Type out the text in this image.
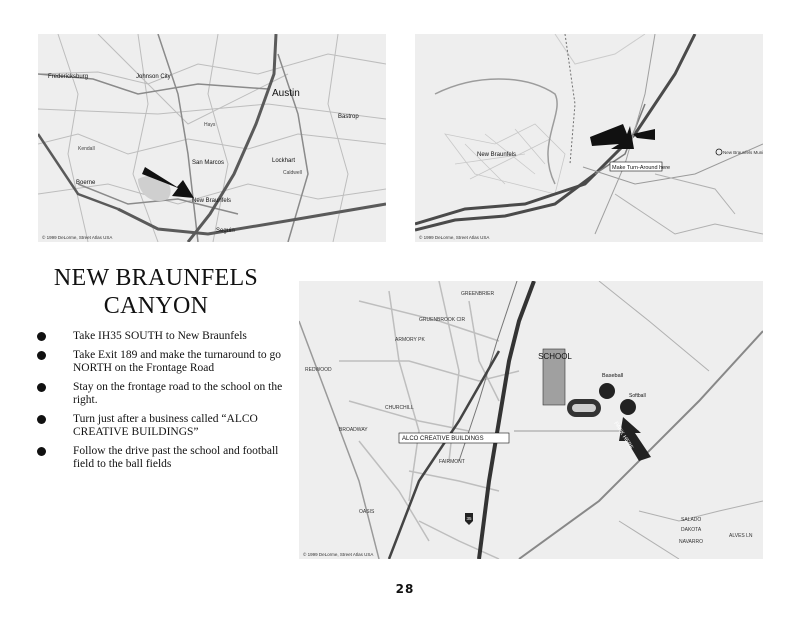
Austin
Fredericksburg	Johnson City
Bastrop
San Marcos	Lockhart
Boerne
New Braunfels
Seguin
Kendall
Hays
Caldwell
© 1999 DeLorme, Street Atlas USA
Make Turn-Around here
New Braunfels	New Braunfels Muni
© 1999 DeLorme, Street Atlas USA
SCHOOL
Baseball
Softball
ALCO CREATIVE BUILDINGS	PARK HERE
GREENBRIER
GRUENBROOK CIR
ARMORY PK
REDWOOD
BROADWAY
CHURCHILL
FAIRMONT
OASIS
SALADO
DAKOTA
NAVARRO
ALVES LN
35
© 1999 DeLorme, Street Atlas USA
NEW BRAUNFELS
CANYON
Take IH35 SOUTH to New Braunfels
Take Exit 189 and make the turnaround to go NORTH on the Frontage Road
Stay on the frontage road to the school on the right.
Turn just after a business called “ALCO CREATIVE BUILDINGS”
Follow the drive past the school and football field to the ball fields
28
